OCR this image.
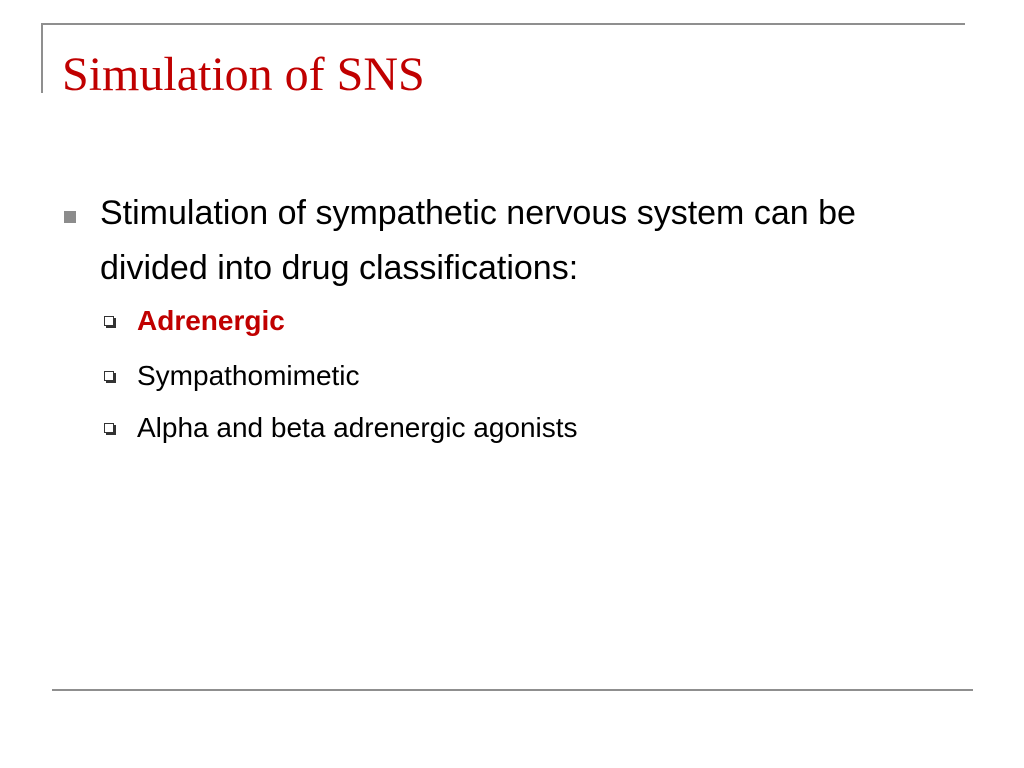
Simulation of SNS

Stimulation of sympathetic nervous system can be divided into drug classifications:

Adrenergic
Sympathomimetic
Alpha and beta adrenergic agonists
